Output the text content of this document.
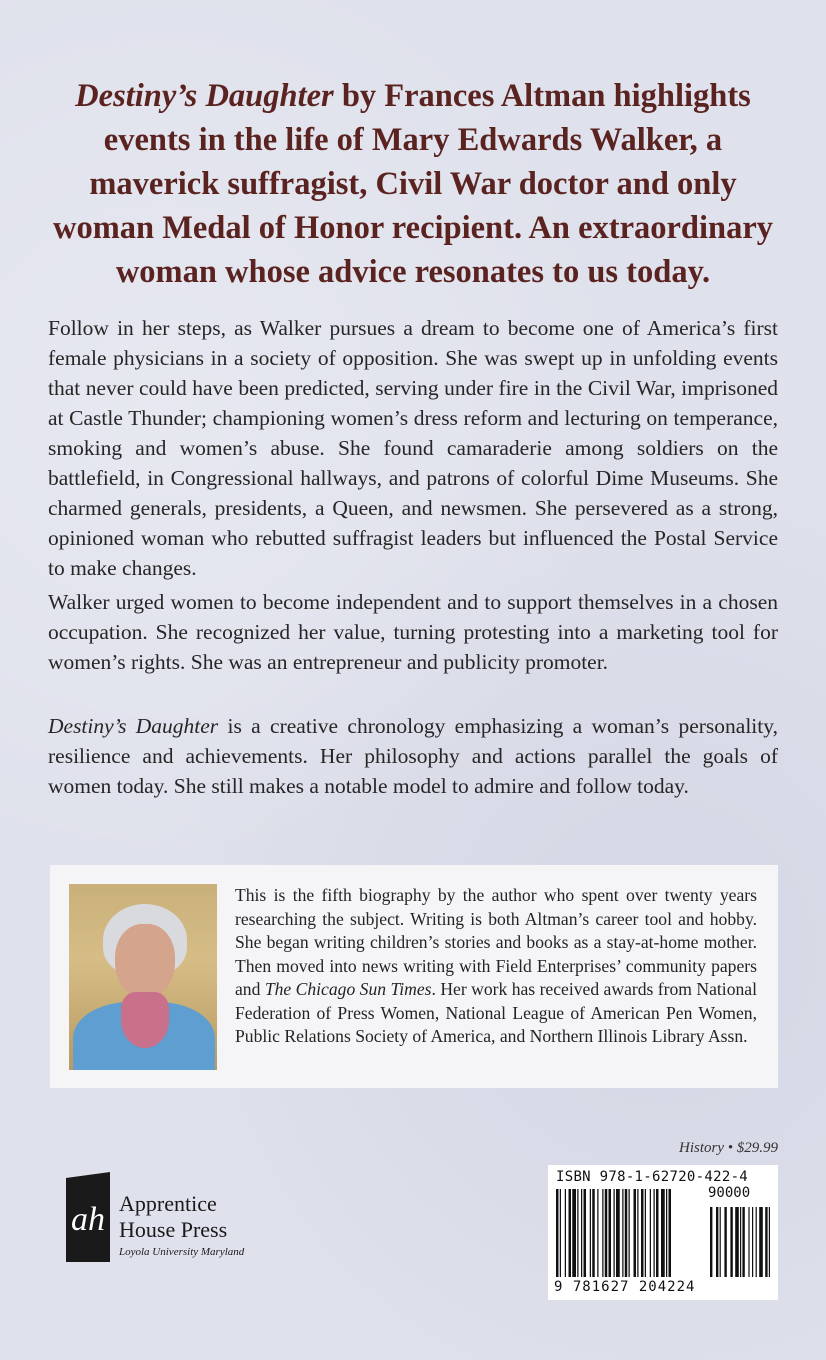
Destiny’s Daughter by Frances Altman highlights events in the life of Mary Edwards Walker, a maverick suffragist, Civil War doctor and only woman Medal of Honor recipient. An extraordinary woman whose advice resonates to us today.

Follow in her steps, as Walker pursues a dream to become one of America’s first female physicians in a society of opposition. She was swept up in unfolding events that never could have been predicted, serving under fire in the Civil War, imprisoned at Castle Thunder; championing women’s dress reform and lecturing on temperance, smoking and women’s abuse. She found camaraderie among soldiers on the battlefield, in Congressional hallways, and patrons of colorful Dime Museums. She charmed generals, presidents, a Queen, and newsmen. She persevered as a strong, opinioned woman who rebutted suffragist leaders but influenced the Postal Service to make changes.

Walker urged women to become independent and to support themselves in a chosen occupation. She recognized her value, turning protesting into a marketing tool for women’s rights. She was an entrepreneur and publicity promoter.

Destiny’s Daughter is a creative chronology emphasizing a woman’s personality, resilience and achievements. Her philosophy and actions parallel the goals of women today. She still makes a notable model to admire and follow today.

This is the fifth biography by the author who spent over twenty years researching the subject. Writing is both Altman’s career tool and hobby. She began writing children’s stories and books as a stay-at-home mother. Then moved into news writing with Field Enterprises’ community papers and The Chicago Sun Times. Her work has received awards from National Federation of Press Women, National League of American Pen Women, Public Relations Society of America, and Northern Illinois Library Assn.

History • $29.99
ISBN 978-1-62720-422-4
90000
9 781627 204224
ah Apprentice
House Press
Loyola University Maryland
